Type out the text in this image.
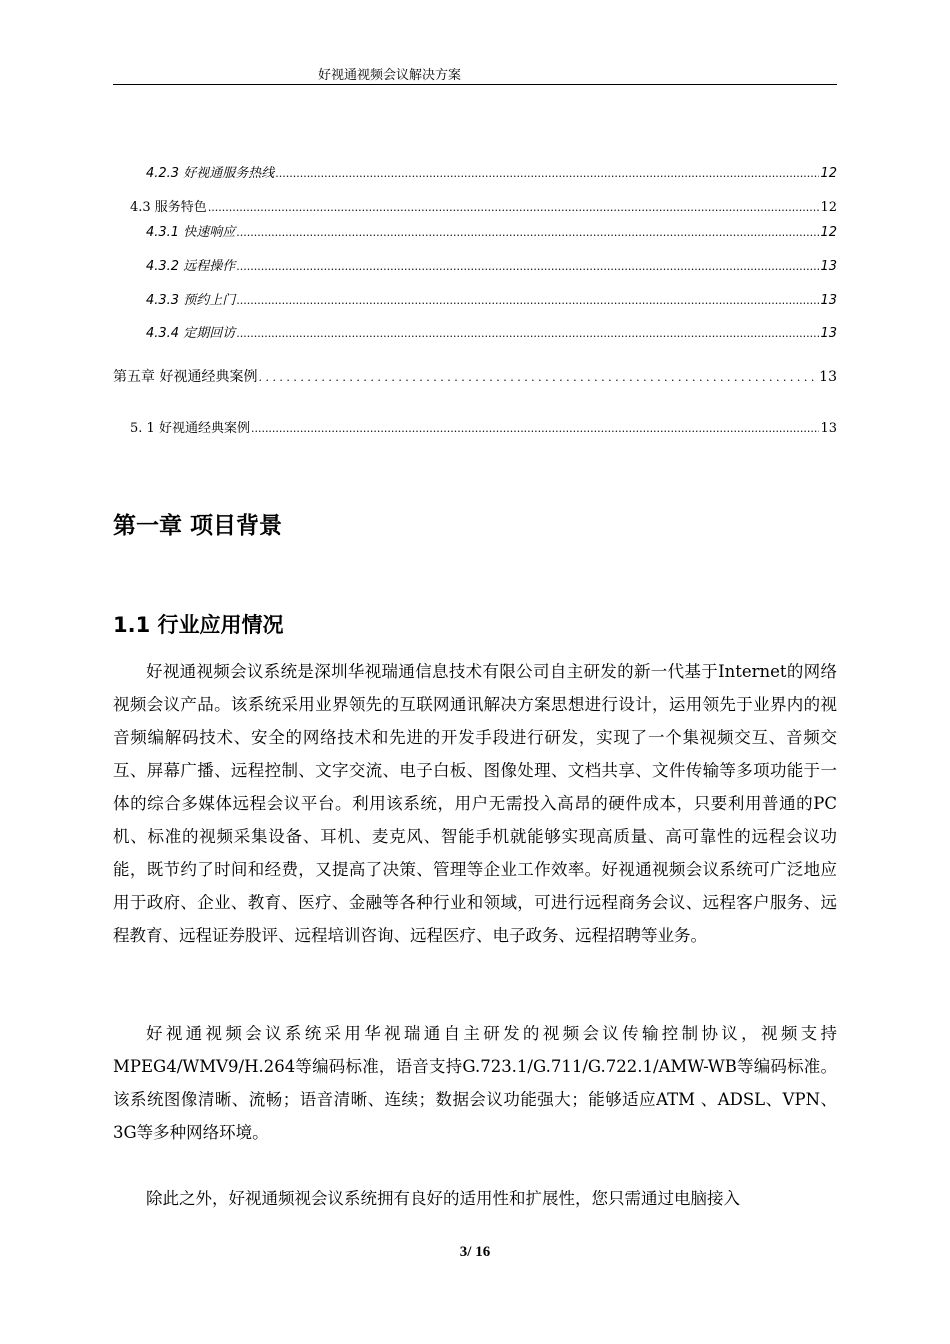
好视通视频会议解决方案
4.2.3 好视通服务热线 .....	12
4.3 服务特色 .....	12
4.3.1 快速响应 .....	12
4.3.2 远程操作 .....	13
4.3.3 预约上门 .....	13
4.3.4 定期回访 .....	13
第五章 好视通经典案例 . . .	13
5. 1 好视通经典案例 .....	13
第一章 项目背景
1.1 行业应用情况

好视通视频会议系统是深圳华视瑞通信息技术有限公司自主研发的新一代基于Internet的网络视频会议产品。该系统采用业界领先的互联网通讯解决方案思想进行设计，运用领先于业界内的视音频编解码技术、安全的网络技术和先进的开发手段进行研发，实现了一个集视频交互、音频交互、屏幕广播、远程控制、文字交流、电子白板、图像处理、文档共享、文件传输等多项功能于一体的综合多媒体远程会议平台。利用该系统，用户无需投入高昂的硬件成本，只要利用普通的PC机、标准的视频采集设备、耳机、麦克风、智能手机就能够实现高质量、高可靠性的远程会议功能，既节约了时间和经费，又提高了决策、管理等企业工作效率。好视通视频会议系统可广泛地应用于政府、企业、教育、医疗、金融等各种行业和领域，可进行远程商务会议、远程客户服务、远程教育、远程证券股评、远程培训咨询、远程医疗、电子政务、远程招聘等业务。

好视通视频会议系统采用华视瑞通自主研发的视频会议传输控制协议，视频支持MPEG4/WMV9/H.264等编码标准，语音支持G.723.1/G.711/G.722.1/AMW-WB等编码标准。该系统图像清晰、流畅；语音清晰、连续；数据会议功能强大；能够适应ATM 、ADSL、VPN、3G等多种网络环境。

除此之外，好视通频视会议系统拥有良好的适用性和扩展性，您只需通过电脑接入

3/ 16
